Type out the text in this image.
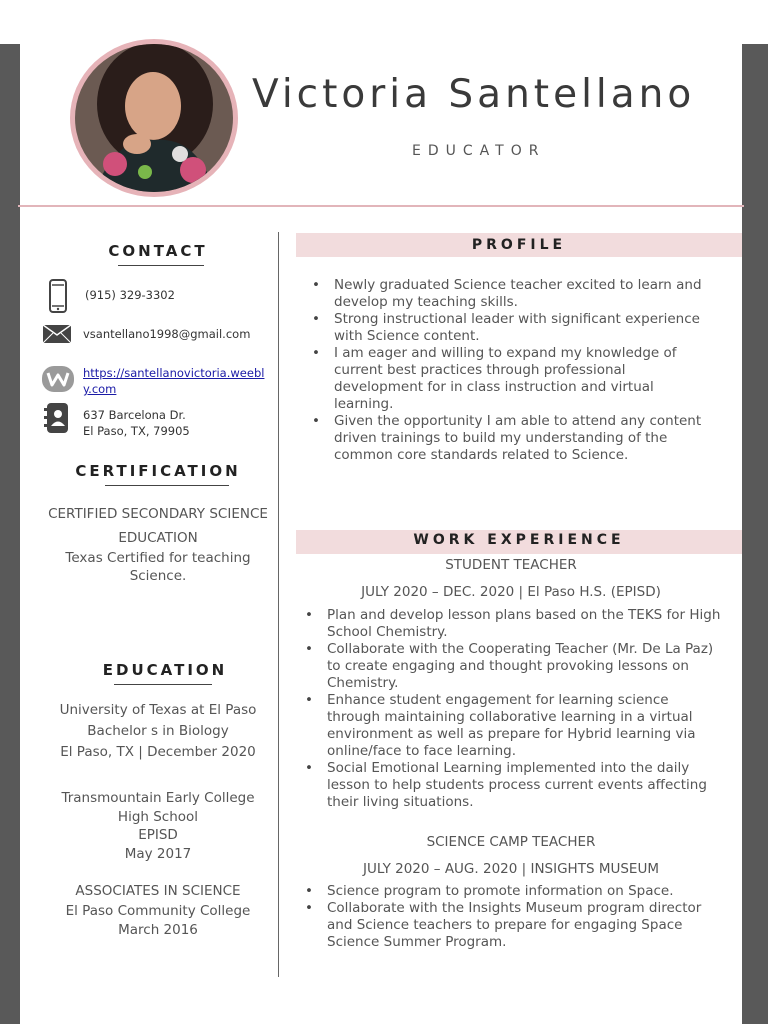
Victoria Santellano
EDUCATOR
CONTACT
(915) 329-3302
vsantellano1998@gmail.com
https://santellanovictoria.weebl
y.com
637 Barcelona Dr.
El Paso, TX, 79905
CERTIFICATION
CERTIFIED SECONDARY SCIENCE
EDUCATION
Texas Certified for teaching
Science.
EDUCATION
University of Texas at El Paso
Bachelor s in Biology
El Paso, TX | December 2020
Transmountain Early College
High School
EPISD
May 2017
ASSOCIATES IN SCIENCE
El Paso Community College
March 2016
PROFILE
• Newly graduated Science teacher excited to learn and develop my teaching skills.
• Strong instructional leader with significant experience with Science content.
• I am eager and willing to expand my knowledge of current best practices through professional development for in class instruction and virtual learning.
• Given the opportunity I am able to attend any content driven trainings to build my understanding of the common core standards related to Science.
WORK EXPERIENCE
STUDENT TEACHER
JULY 2020 – DEC. 2020 | El Paso H.S. (EPISD)
• Plan and develop lesson plans based on the TEKS for High School Chemistry.
• Collaborate with the Cooperating Teacher (Mr. De La Paz) to create engaging and thought provoking lessons on Chemistry.
• Enhance student engagement for learning science through maintaining collaborative learning in a virtual environment as well as prepare for Hybrid learning via online/face to face learning.
• Social Emotional Learning implemented into the daily lesson to help students process current events affecting their living situations.
SCIENCE CAMP TEACHER
JULY 2020 – AUG. 2020 | INSIGHTS MUSEUM
• Science program to promote information on Space.
• Collaborate with the Insights Museum program director and Science teachers to prepare for engaging Space Science Summer Program.
